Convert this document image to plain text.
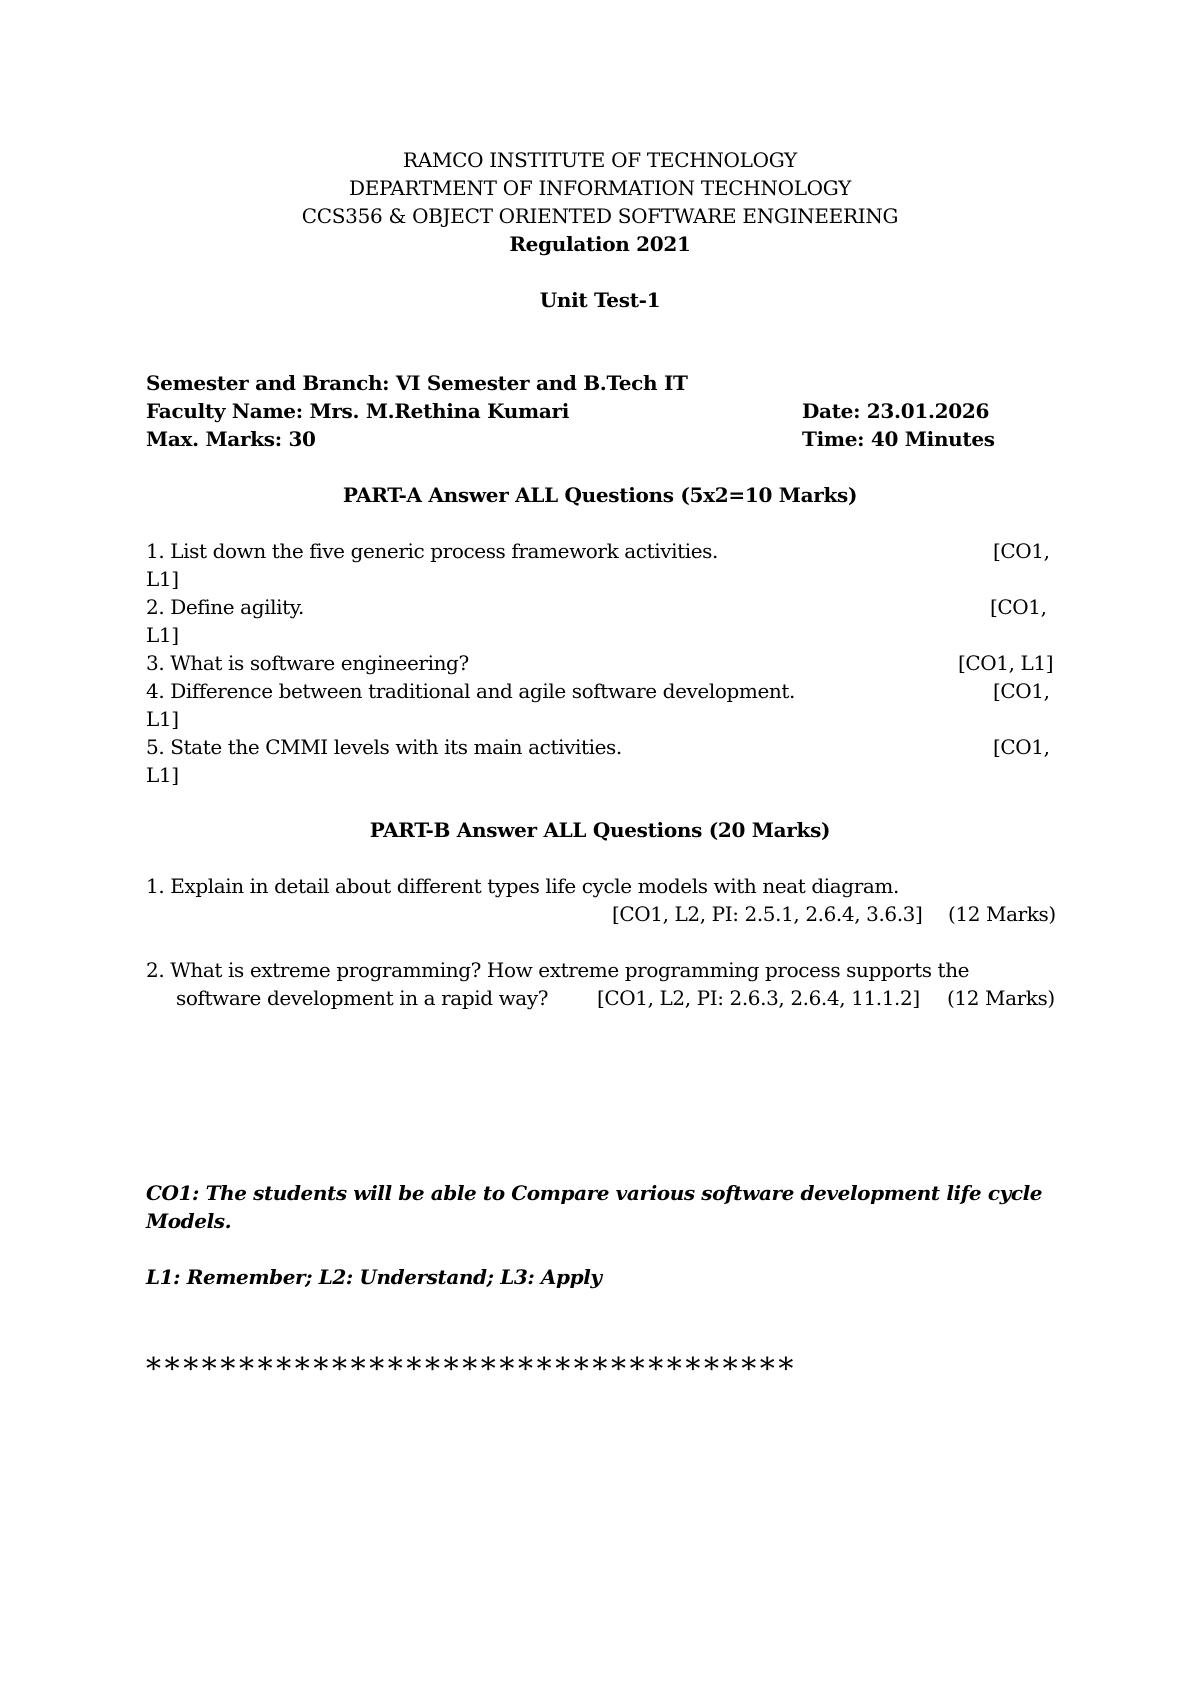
RAMCO INSTITUTE OF TECHNOLOGY
DEPARTMENT OF INFORMATION TECHNOLOGY
CCS356 & OBJECT ORIENTED SOFTWARE ENGINEERING
Regulation 2021
Unit Test-1
Semester and Branch: VI Semester and B.Tech IT
Faculty Name: Mrs. M.Rethina Kumari	Date: 23.01.2026
Max. Marks: 30	Time: 40 Minutes
PART-A Answer ALL Questions (5x2=10 Marks)
1. List down the five generic process framework activities.	[CO1,
L1]
2. Define agility.	[CO1,
L1]
3. What is software engineering?	[CO1, L1]
4. Difference between traditional and agile software development.	[CO1,
L1]
5. State the CMMI levels with its main activities.	[CO1,
L1]
PART-B Answer ALL Questions (20 Marks)
1. Explain in detail about different types life cycle models with neat diagram.
[CO1, L2, PI: 2.5.1, 2.6.4, 3.6.3] (12 Marks)
2. What is extreme programming? How extreme programming process supports the
software development in a rapid way? [CO1, L2, PI: 2.6.3, 2.6.4, 11.1.2] (12 Marks)
CO1: The students will be able to Compare various software development life cycle
Models.
L1: Remember; L2: Understand; L3: Apply
***********************************
